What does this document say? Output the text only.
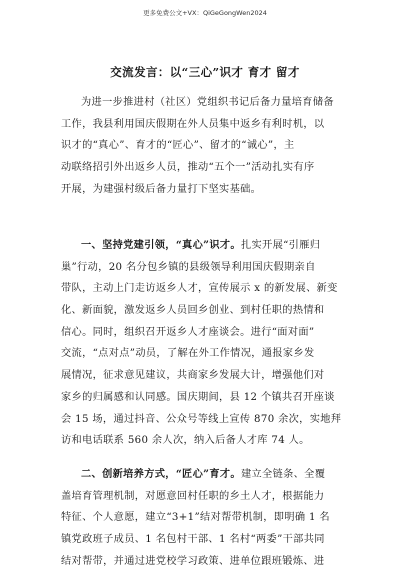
更多免费公文+VX：QiGeGongWen2024
交流发言：以“三心”识才 育才 留才
为进一步推进村（社区）党组织书记后备力量培育储备
工作，我县利用国庆假期在外人员集中返乡有利时机，以
识才的“真心”、育才的“匠心”、留才的“诚心”，主
动联络招引外出返乡人员，推动“五个一”活动扎实有序
开展，为建强村级后备力量打下坚实基础。
一、坚持党建引领，“真心”识才。扎实开展“引雁归
巢”行动，20 名分包乡镇的县级领导利用国庆假期亲自
带队，主动上门走访返乡人才，宣传展示 x 的新发展、新变
化、新面貌，激发返乡人员回乡创业、到村任职的热情和
信心。同时，组织召开返乡人才座谈会。进行“面对面”
交流，“点对点”动员，了解在外工作情况，通报家乡发
展情况，征求意见建议，共商家乡发展大计，增强他们对
家乡的归属感和认同感。国庆期间，县 12 个镇共召开座谈
会 15 场，通过抖音、公众号等线上宣传 870 余次，实地拜
访和电话联系 560 余人次，纳入后备人才库 74 人。
二、创新培养方式，“匠心”育才。建立全链条、全覆
盖培育管理机制，对愿意回村任职的乡土人才，根据能力
特征、个人意愿，建立“3+1”结对帮带机制，即明确 1 名
镇党政班子成员、1 名包村干部、1 名村“两委”干部共同
结对帮带，并通过进党校学习政策、进单位跟班锻炼、进
